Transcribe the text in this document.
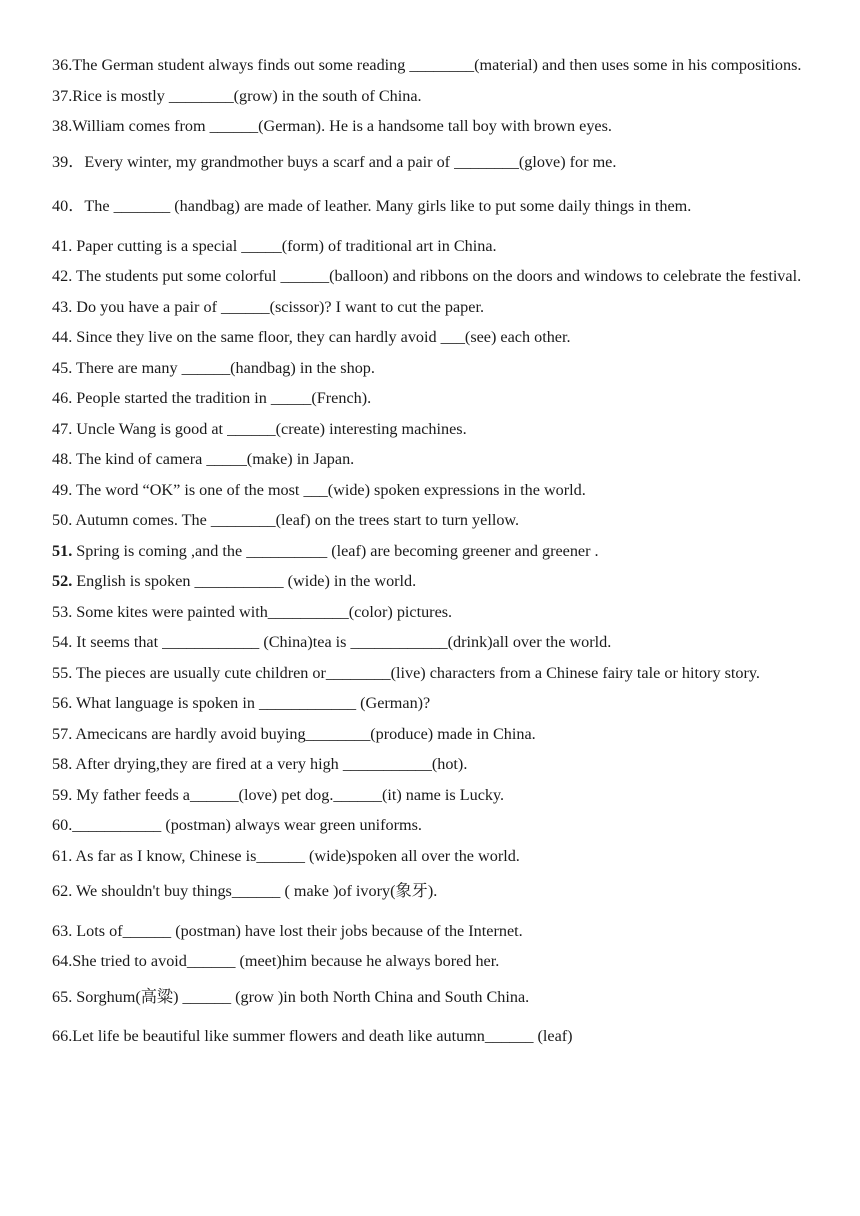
36.The German student always finds out some reading ________(material) and then uses some in his compositions.

37.Rice is mostly ________(grow) in the south of China.

38.William comes from ______(German). He is a handsome tall boy with brown eyes.

39．Every winter, my grandmother buys a scarf and a pair of ________(glove) for me.

40．The _______ (handbag) are made of leather. Many girls like to put some daily things in them.

41. Paper cutting is a special _____(form) of traditional art in China.

42. The students put some colorful ______(balloon) and ribbons on the doors and windows to celebrate the festival.

43. Do you have a pair of ______(scissor)? I want to cut the paper.

44. Since they live on the same floor, they can hardly avoid ___(see) each other.

45. There are many ______(handbag) in the shop.

46. People started the tradition in _____(French).

47. Uncle Wang is good at ______(create) interesting machines.

48. The kind of camera _____(make) in Japan.

49. The word “OK” is one of the most ___(wide) spoken expressions in the world.

50. Autumn comes. The ________(leaf) on the trees start to turn yellow.

51. Spring is coming ,and the __________ (leaf) are becoming greener and greener .

52. English is spoken ___________ (wide) in the world.

53. Some kites were painted with__________(color) pictures.

54. It seems that ____________ (China)tea is ____________(drink)all over the world.

55. The pieces are usually cute children or________(live) characters from a Chinese fairy tale or hitory story.

56. What language is spoken in ____________ (German)?

57. Amecicans are hardly avoid buying________(produce) made in China.

58. After drying,they are fired at a very high ___________(hot).

59. My father feeds a______(love) pet dog.______(it) name is Lucky.

60.___________ (postman) always wear green uniforms.

61. As far as I know, Chinese is______ (wide)spoken all over the world.

62. We shouldn't buy things______ ( make )of ivory(象牙).

63. Lots of______ (postman) have lost their jobs because of the Internet.

64.She tried to avoid______ (meet)him because he always bored her.

65. Sorghum(高粱) ______ (grow )in both North China and South China.

66.Let life be beautiful like summer flowers and death like autumn______ (leaf)
